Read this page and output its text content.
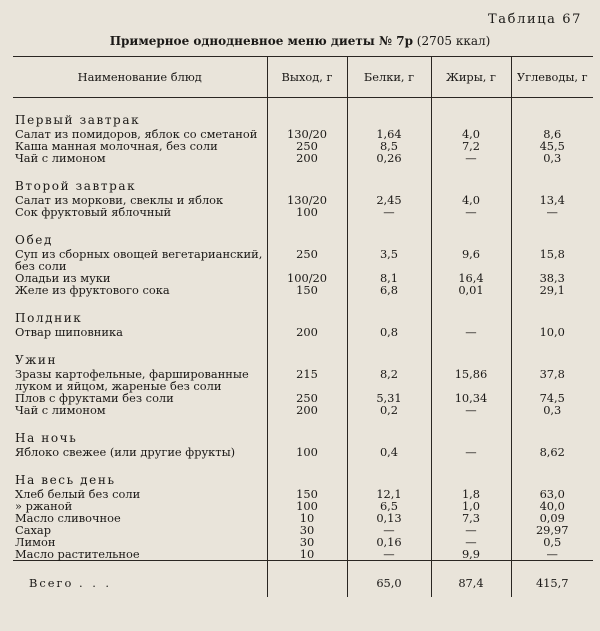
Таблица 67
Примерное однодневное меню диеты № 7р (2705 ккал)
Наименование блюд	Выход, г	Белки, г	Жиры, г	Углеводы, г

Первый завтрак				
Салат из помидоров, яблок со сметаной	130/20	1,64	4,0	8,6
Каша манная молочная, без соли	250	8,5	7,2	45,5
Чай с лимоном	200	0,26	—	0,3

Второй завтрак				
Салат из моркови, свеклы и яблок	130/20	2,45	4,0	13,4
Сок фруктовый яблочный	100	—	—	—

Обед				
Суп из сборных овощей вегетарианский, без соли	250	3,5	9,6	15,8
Оладьи из муки	100/20	8,1	16,4	38,3
Желе из фруктового сока	150	6,8	0,01	29,1

Полдник				
Отвар шиповника	200	0,8	—	10,0

Ужин				
Зразы картофельные, фаршированные луком и яйцом, жареные без соли	215	8,2	15,86	37,8
Плов с фруктами без соли	250	5,31	10,34	74,5
Чай с лимоном	200	0,2	—	0,3

На ночь				
Яблоко свежее (или другие фрукты)	100	0,4	—	8,62

На весь день				
Хлеб белый без соли	150	12,1	1,8	63,0
» ржаной	100	6,5	1,0	40,0
Масло сливочное	10	0,13	7,3	0,09
Сахар	30	—	—	29,97
Лимон	30	0,16	—	0,5
Масло растительное	10	—	9,9	—
Всего . . .		65,0	87,4	415,7
